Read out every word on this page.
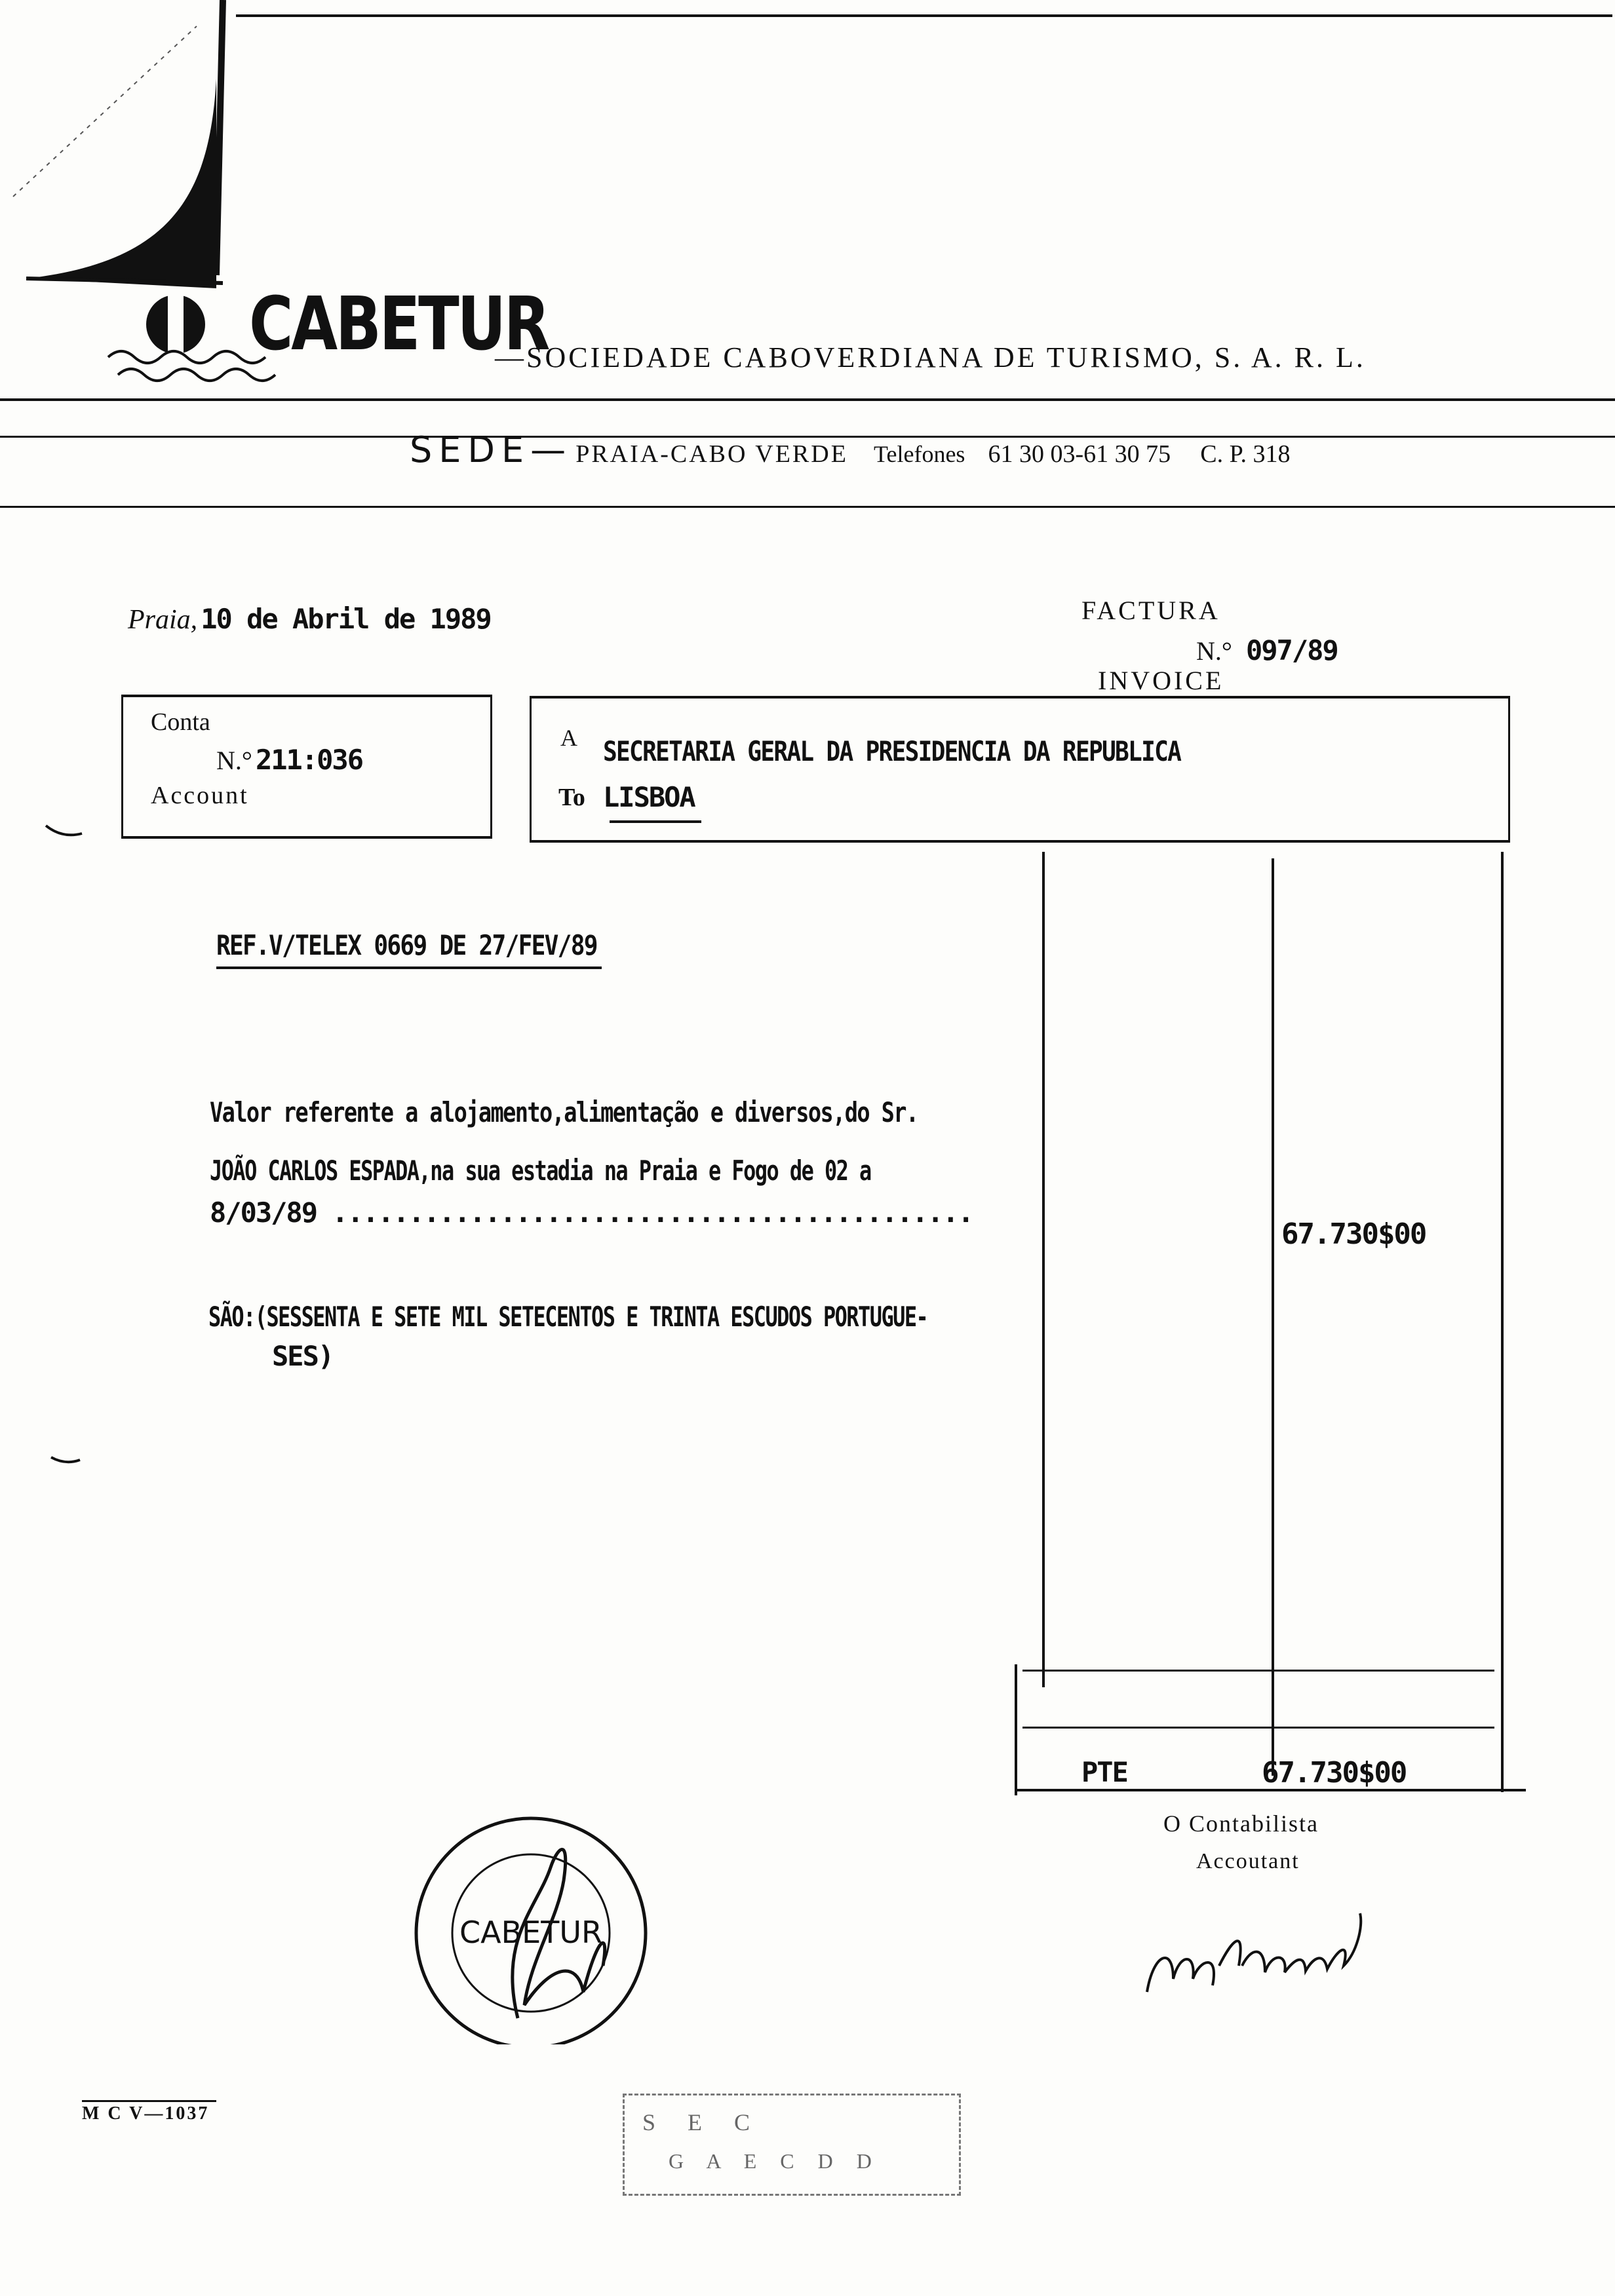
CABETUR
—SOCIEDADE CABOVERDIANA DE TURISMO, S. A. R. L.
SEDE— PRAIA-CABO VERDE Telefones 61 30 03-61 30 75 C. P. 318
Praia, 10 de Abril de 1989	FACTURA
N.° 097/89
INVOICE
Conta
N.° 211:036
Account
A SECRETARIA GERAL DA PRESIDENCIA DA REPUBLICA
To LISBOA
REF.V/TELEX 0669 DE 27/FEV/89
Valor referente a alojamento,alimentação e diversos,do Sr.
JOÃO CARLOS ESPADA,na sua estadia na Praia e Fogo de 02 a
8/03/89 ..........................................
67.730$00
SÃO:(SESSENTA E SETE MIL SETECENTOS E TRINTA ESCUDOS PORTUGUE-
SES)
PTE	67.730$00
O Contabilista
Accoutant
CABETUR
M C V—1037	S E C
G A E C D D
